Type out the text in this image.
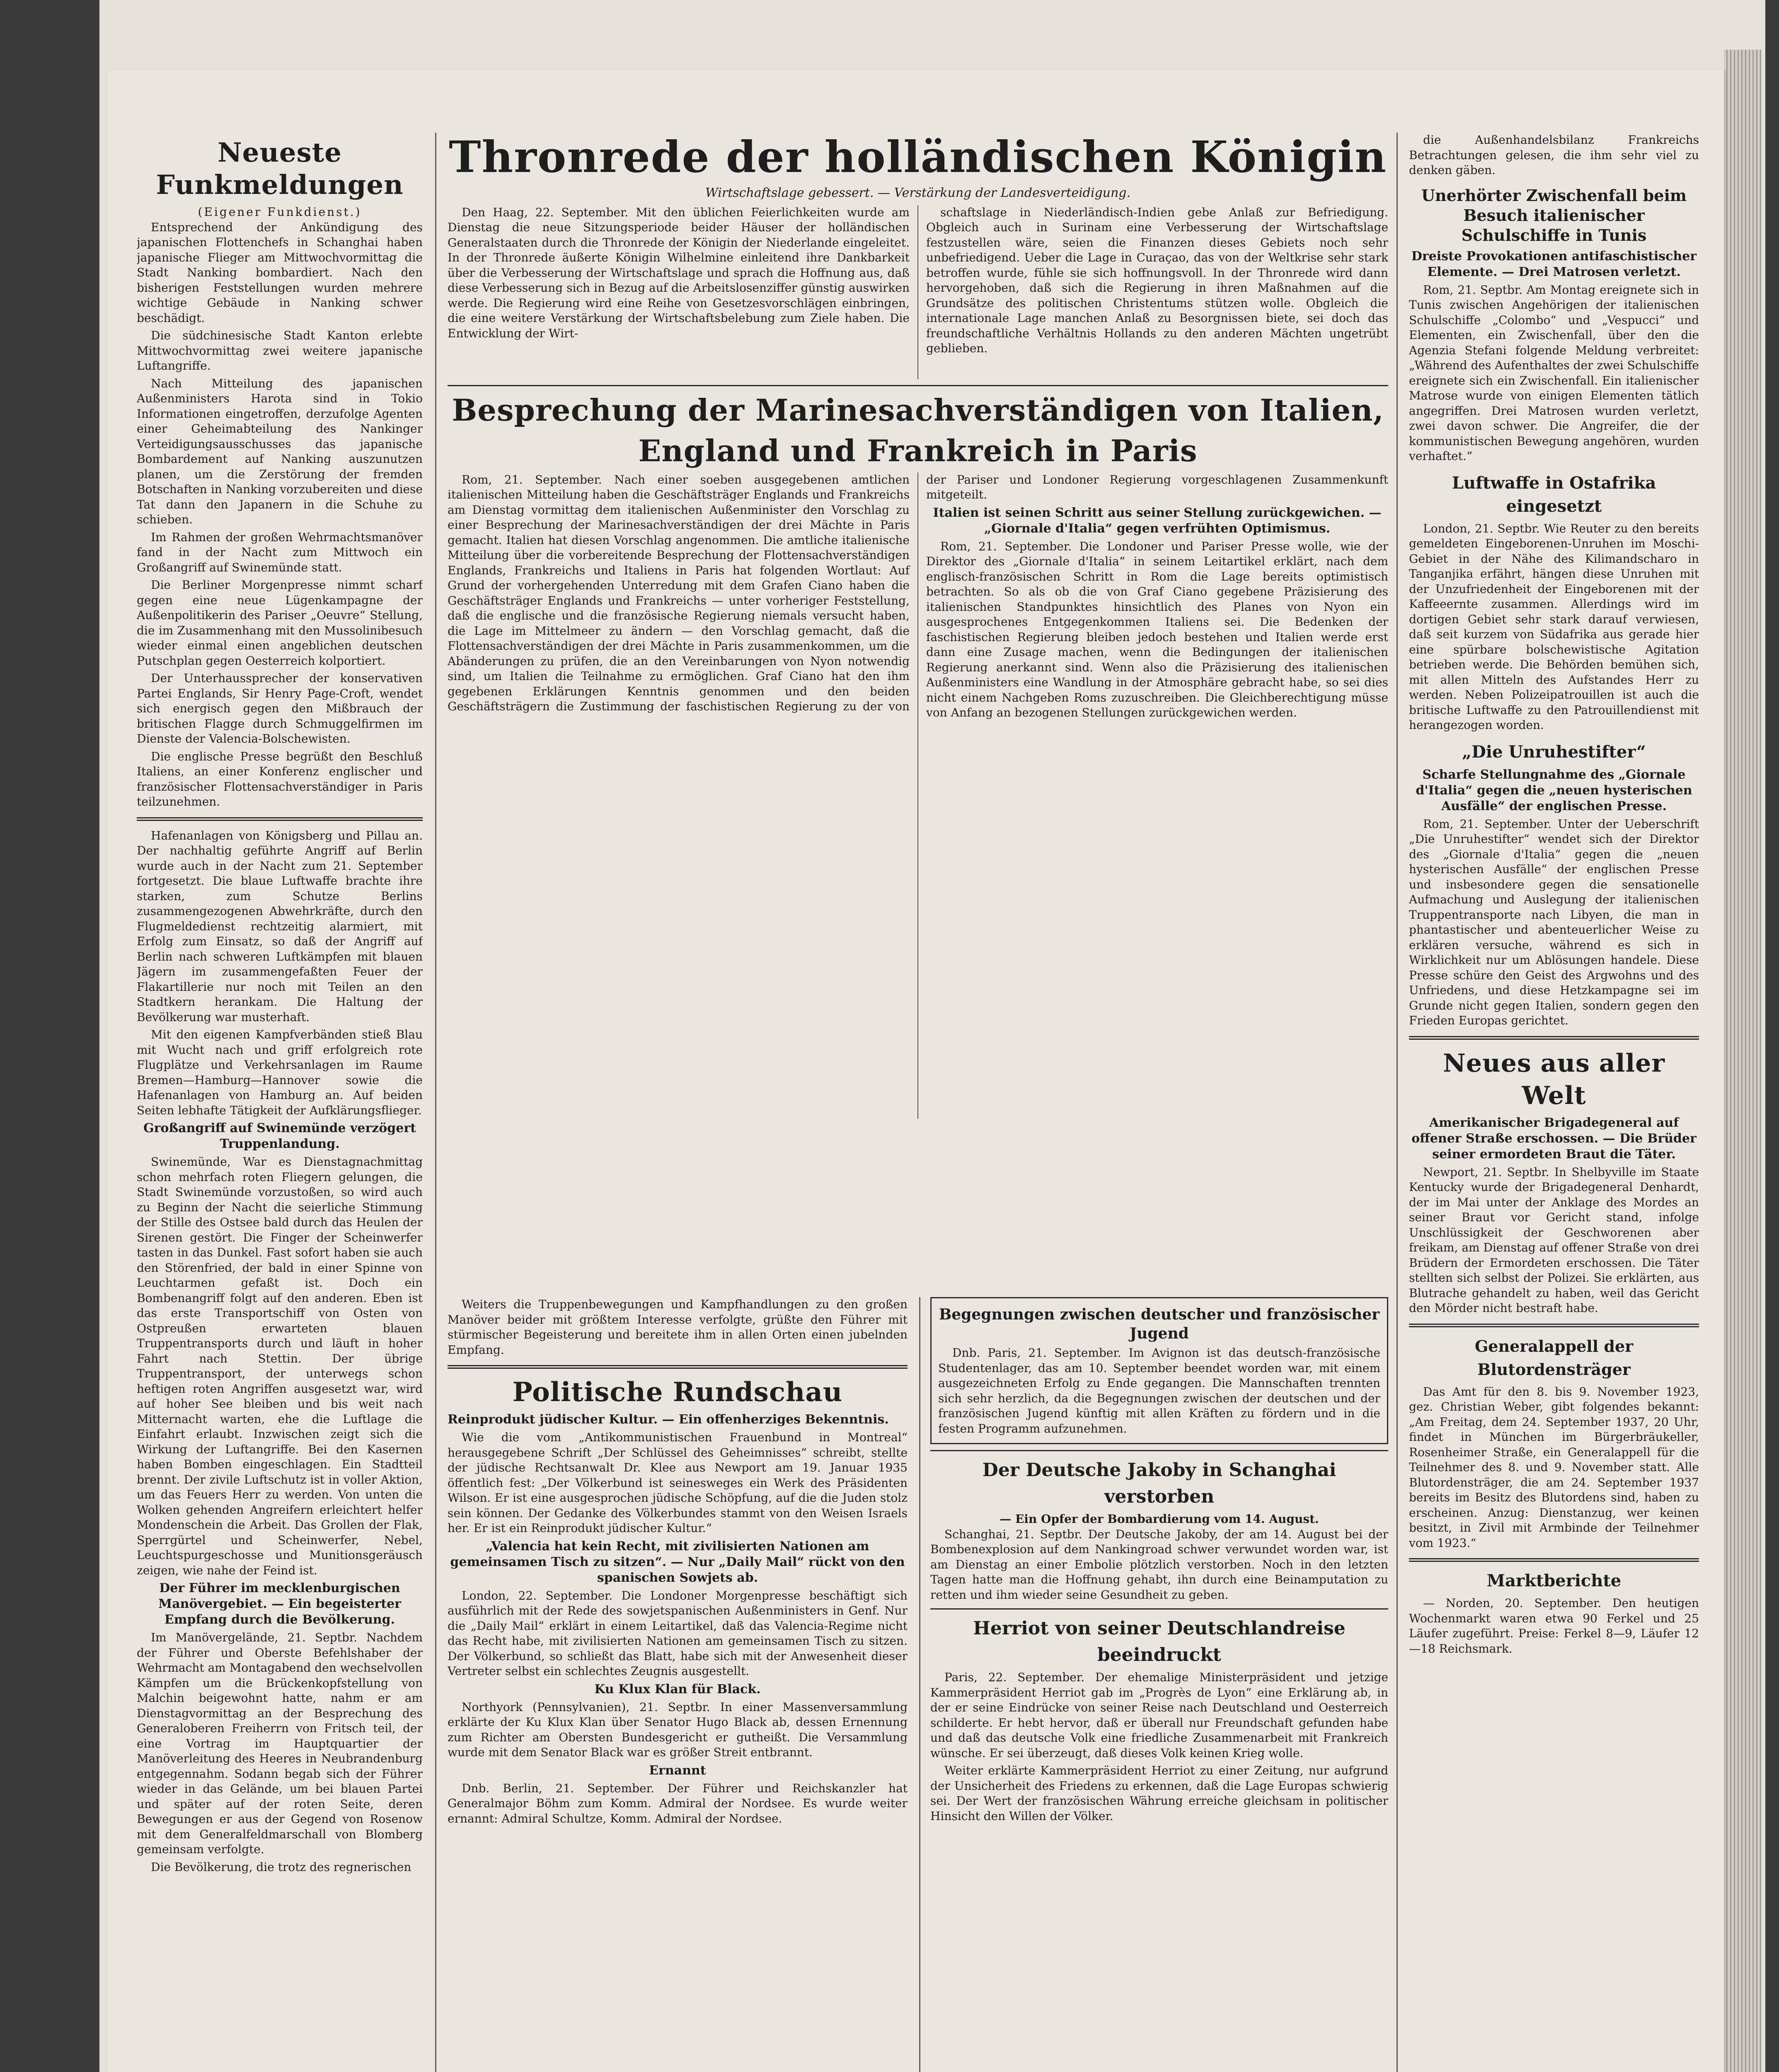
Neueste Funkmeldungen
(Eigener Funkdienst.)

Entsprechend der Ankündigung des japanischen Flottenchefs in Schanghai haben japanische Flieger am Mittwochvormittag die Stadt Nanking bombardiert. Nach den bisherigen Feststellungen wurden mehrere wichtige Gebäude in Nanking schwer beschädigt.

Die südchinesische Stadt Kanton erlebte Mittwochvormittag zwei weitere japanische Luftangriffe.

Nach Mitteilung des japanischen Außenministers Harota sind in Tokio Informationen eingetroffen, derzufolge Agenten einer Geheimabteilung des Nankinger Verteidigungsausschusses das japanische Bombardement auf Nanking auszunutzen planen, um die Zerstörung der fremden Botschaften in Nanking vorzubereiten und diese Tat dann den Japanern in die Schuhe zu schieben.

Im Rahmen der großen Wehrmachtsmanöver fand in der Nacht zum Mittwoch ein Großangriff auf Swinemünde statt.

Die Berliner Morgenpresse nimmt scharf gegen eine neue Lügenkampagne der Außenpolitikerin des Pariser „Oeuvre“ Stellung, die im Zusammenhang mit den Mussolinibesuch wieder einmal einen angeblichen deutschen Putschplan gegen Oesterreich kolportiert.

Der Unterhaussprecher der konservativen Partei Englands, Sir Henry Page-Croft, wendet sich energisch gegen den Mißbrauch der britischen Flagge durch Schmuggelfirmen im Dienste der Valencia-Bolschewisten.

Die englische Presse begrüßt den Beschluß Italiens, an einer Konferenz englischer und französischer Flottensachverständiger in Paris teilzunehmen.

Hafenanlagen von Königsberg und Pillau an. Der nachhaltig geführte Angriff auf Berlin wurde auch in der Nacht zum 21. September fortgesetzt. Die blaue Luftwaffe brachte ihre starken, zum Schutze Berlins zusammengezogenen Abwehrkräfte, durch den Flugmeldedienst rechtzeitig alarmiert, mit Erfolg zum Einsatz, so daß der Angriff auf Berlin nach schweren Luftkämpfen mit blauen Jägern im zusammengefaßten Feuer der Flakartillerie nur noch mit Teilen an den Stadtkern herankam. Die Haltung der Bevölkerung war musterhaft.

Mit den eigenen Kampfverbänden stieß Blau mit Wucht nach und griff erfolgreich rote Flugplätze und Verkehrsanlagen im Raume Bremen—Hamburg—Hannover sowie die Hafenanlagen von Hamburg an. Auf beiden Seiten lebhafte Tätigkeit der Aufklärungsflieger.

Großangriff auf Swinemünde verzögert Truppenlandung.

Swinemünde, War es Dienstagnachmittag schon mehrfach roten Fliegern gelungen, die Stadt Swinemünde vorzustoßen, so wird auch zu Beginn der Nacht die seierliche Stimmung der Stille des Ostsee bald durch das Heulen der Sirenen gestört. Die Finger der Scheinwerfer tasten in das Dunkel. Fast sofort haben sie auch den Störenfried, der bald in einer Spinne von Leuchtarmen gefaßt ist. Doch ein Bombenangriff folgt auf den anderen. Eben ist das erste Transportschiff von Osten von Ostpreußen erwarteten blauen Truppentransports durch und läuft in hoher Fahrt nach Stettin. Der übrige Truppentransport, der unterwegs schon heftigen roten Angriffen ausgesetzt war, wird auf hoher See bleiben und bis weit nach Mitternacht warten, ehe die Luftlage die Einfahrt erlaubt. Inzwischen zeigt sich die Wirkung der Luftangriffe. Bei den Kasernen haben Bomben eingeschlagen. Ein Stadtteil brennt. Der zivile Luftschutz ist in voller Aktion, um das Feuers Herr zu werden. Von unten die Wolken gehenden Angreifern erleichtert helfer Mondenschein die Arbeit. Das Grollen der Flak, Sperrgürtel und Scheinwerfer, Nebel, Leuchtspurgeschosse und Munitionsgeräusch zeigen, wie nahe der Feind ist.

Der Führer im mecklenburgischen Manövergebiet. — Ein begeisterter Empfang durch die Bevölkerung.

Im Manövergelände, 21. Septbr. Nachdem der Führer und Oberste Befehlshaber der Wehrmacht am Montagabend den wechselvollen Kämpfen um die Brückenkopfstellung von Malchin beigewohnt hatte, nahm er am Dienstagvormittag an der Besprechung des Generaloberen Freiherrn von Fritsch teil, der eine Vortrag im Hauptquartier der Manöverleitung des Heeres in Neubrandenburg entgegennahm. Sodann begab sich der Führer wieder in das Gelände, um bei blauen Partei und später auf der roten Seite, deren Bewegungen er aus der Gegend von Rosenow mit dem Generalfeldmarschall von Blomberg gemeinsam verfolgte.

Die Bevölkerung, die trotz des regnerischen

Thronrede der holländischen Königin
Wirtschaftslage gebessert. — Verstärkung der Landesverteidigung.

Den Haag, 22. September. Mit den üblichen Feierlichkeiten wurde am Dienstag die neue Sitzungsperiode beider Häuser der holländischen Generalstaaten durch die Thronrede der Königin der Niederlande eingeleitet. In der Thronrede äußerte Königin Wilhelmine einleitend ihre Dankbarkeit über die Verbesserung der Wirtschaftslage und sprach die Hoffnung aus, daß diese Verbesserung sich in Bezug auf die Arbeitslosenziffer günstig auswirken werde. Die Regierung wird eine Reihe von Gesetzesvorschlägen einbringen, die eine weitere Verstärkung der Wirtschaftsbelebung zum Ziele haben. Die Entwicklung der Wirt-

schaftslage in Niederländisch-Indien gebe Anlaß zur Befriedigung. Obgleich auch in Surinam eine Verbesserung der Wirtschaftslage festzustellen wäre, seien die Finanzen dieses Gebiets noch sehr unbefriedigend. Ueber die Lage in Curaçao, das von der Weltkrise sehr stark betroffen wurde, fühle sie sich hoffnungsvoll. In der Thronrede wird dann hervorgehoben, daß sich die Regierung in ihren Maßnahmen auf die Grundsätze des politischen Christentums stützen wolle. Obgleich die internationale Lage manchen Anlaß zu Besorgnissen biete, sei doch das freundschaftliche Verhältnis Hollands zu den anderen Mächten ungetrübt geblieben.

Besprechung der Marinesachverständigen von Italien,
England und Frankreich in Paris

Rom, 21. September. Nach einer soeben ausgegebenen amtlichen italienischen Mitteilung haben die Geschäftsträger Englands und Frankreichs am Dienstag vormittag dem italienischen Außenminister den Vorschlag zu einer Besprechung der Marinesachverständigen der drei Mächte in Paris gemacht. Italien hat diesen Vorschlag angenommen. Die amtliche italienische Mitteilung über die vorbereitende Besprechung der Flottensachverständigen Englands, Frankreichs und Italiens in Paris hat folgenden Wortlaut: Auf Grund der vorhergehenden Unterredung mit dem Grafen Ciano haben die Geschäftsträger Englands und Frankreichs — unter vorheriger Feststellung, daß die englische und die französische Regierung niemals versucht haben, die Lage im Mittelmeer zu ändern — den Vorschlag gemacht, daß die Flottensachverständigen der drei Mächte in Paris zusammenkommen, um die Abänderungen zu prüfen, die an den Vereinbarungen von Nyon notwendig sind, um Italien die Teilnahme zu ermöglichen. Graf Ciano hat den ihm gegebenen Erklärungen Kenntnis genommen und den beiden Geschäftsträgern die Zustimmung der faschistischen Regierung zu der von der Pariser und Londoner Regierung vorgeschlagenen Zusammenkunft mitgeteilt.

Italien ist seinen Schritt aus seiner Stellung zurückgewichen. — „Giornale d'Italia“ gegen verfrühten Optimismus.

Rom, 21. September. Die Londoner und Pariser Presse wolle, wie der Direktor des „Giornale d'Italia“ in seinem Leitartikel erklärt, nach dem englisch-französischen Schritt in Rom die Lage bereits optimistisch betrachten. So als ob die von Graf Ciano gegebene Präzisierung des italienischen Standpunktes hinsichtlich des Planes von Nyon ein ausgesprochenes Entgegenkommen Italiens sei. Die Bedenken der faschistischen Regierung bleiben jedoch bestehen und Italien werde erst dann eine Zusage machen, wenn die Bedingungen der italienischen Regierung anerkannt sind. Wenn also die Präzisierung des italienischen Außenministers eine Wandlung in der Atmosphäre gebracht habe, so sei dies nicht einem Nachgeben Roms zuzuschreiben. Die Gleichberechtigung müsse von Anfang an bezogenen Stellungen zurückgewichen werden.

Weiters die Truppenbewegungen und Kampfhandlungen zu den großen Manöver beider mit größtem Interesse verfolgte, grüßte den Führer mit stürmischer Begeisterung und bereitete ihm in allen Orten einen jubelnden Empfang.

Politische Rundschau
Reinprodukt jüdischer Kultur. — Ein offenherziges Bekenntnis.

Wie die vom „Antikommunistischen Frauenbund in Montreal“ herausgegebene Schrift „Der Schlüssel des Geheimnisses“ schreibt, stellte der jüdische Rechtsanwalt Dr. Klee aus Newport am 19. Januar 1935 öffentlich fest: „Der Völkerbund ist seinesweges ein Werk des Präsidenten Wilson. Er ist eine ausgesprochen jüdische Schöpfung, auf die die Juden stolz sein können. Der Gedanke des Völkerbundes stammt von den Weisen Israels her. Er ist ein Reinprodukt jüdischer Kultur.“

„Valencia hat kein Recht, mit zivilisierten Nationen am gemeinsamen Tisch zu sitzen“. — Nur „Daily Mail“ rückt von den spanischen Sowjets ab.

London, 22. September. Die Londoner Morgenpresse beschäftigt sich ausführlich mit der Rede des sowjetspanischen Außenministers in Genf. Nur die „Daily Mail“ erklärt in einem Leitartikel, daß das Valencia-Regime nicht das Recht habe, mit zivilisierten Nationen am gemeinsamen Tisch zu sitzen. Der Völkerbund, so schließt das Blatt, habe sich mit der Anwesenheit dieser Vertreter selbst ein schlechtes Zeugnis ausgestellt.

Ku Klux Klan für Black.

Northyork (Pennsylvanien), 21. Septbr. In einer Massenversammlung erklärte der Ku Klux Klan über Senator Hugo Black ab, dessen Ernennung zum Richter am Obersten Bundesgericht er gutheißt. Die Versammlung wurde mit dem Senator Black war es größer Streit entbrannt.

Ernannt

Dnb. Berlin, 21. September. Der Führer und Reichskanzler hat Generalmajor Böhm zum Komm. Admiral der Nordsee. Es wurde weiter ernannt: Admiral Schultze, Komm. Admiral der Nordsee.

Begegnungen zwischen deutscher und französischer Jugend

Dnb. Paris, 21. September. Im Avignon ist das deutsch-französische Studentenlager, das am 10. September beendet worden war, mit einem ausgezeichneten Erfolg zu Ende gegangen. Die Mannschaften trennten sich sehr herzlich, da die Begegnungen zwischen der deutschen und der französischen Jugend künftig mit allen Kräften zu fördern und in die festen Programm aufzunehmen.

Der Deutsche Jakoby in Schanghai
verstorben
— Ein Opfer der Bombardierung vom 14. August.

Schanghai, 21. Septbr. Der Deutsche Jakoby, der am 14. August bei der Bombenexplosion auf dem Nankingroad schwer verwundet worden war, ist am Dienstag an einer Embolie plötzlich verstorben. Noch in den letzten Tagen hatte man die Hoffnung gehabt, ihn durch eine Beinamputation zu retten und ihm wieder seine Gesundheit zu geben.

Herriot von seiner Deutschlandreise
beeindruckt

Paris, 22. September. Der ehemalige Ministerpräsident und jetzige Kammerpräsident Herriot gab im „Progrès de Lyon“ eine Erklärung ab, in der er seine Eindrücke von seiner Reise nach Deutschland und Oesterreich schilderte. Er hebt hervor, daß er überall nur Freundschaft gefunden habe und daß das deutsche Volk eine friedliche Zusammenarbeit mit Frankreich wünsche. Er sei überzeugt, daß dieses Volk keinen Krieg wolle.

Weiter erklärte Kammerpräsident Herriot zu einer Zeitung, nur aufgrund der Unsicherheit des Friedens zu erkennen, daß die Lage Europas schwierig sei. Der Wert der französischen Währung erreiche gleichsam in politischer Hinsicht den Willen der Völker.

die Außenhandelsbilanz Frankreichs Betrachtungen gelesen, die ihm sehr viel zu denken gäben.

Unerhörter Zwischenfall beim Besuch italienischer Schulschiffe in Tunis
Dreiste Provokationen antifaschistischer Elemente. — Drei Matrosen verletzt.

Rom, 21. Septbr. Am Montag ereignete sich in Tunis zwischen Angehörigen der italienischen Schulschiffe „Colombo“ und „Vespucci“ und Elementen, ein Zwischenfall, über den die Agenzia Stefani folgende Meldung verbreitet: „Während des Aufenthaltes der zwei Schulschiffe ereignete sich ein Zwischenfall. Ein italienischer Matrose wurde von einigen Elementen tätlich angegriffen. Drei Matrosen wurden verletzt, zwei davon schwer. Die Angreifer, die der kommunistischen Bewegung angehören, wurden verhaftet.“

Luftwaffe in Ostafrika eingesetzt

London, 21. Septbr. Wie Reuter zu den bereits gemeldeten Eingeborenen-Unruhen im Moschi-Gebiet in der Nähe des Kilimandscharo in Tanganjika erfährt, hängen diese Unruhen mit der Unzufriedenheit der Eingeborenen mit der Kaffeeernte zusammen. Allerdings wird im dortigen Gebiet sehr stark darauf verwiesen, daß seit kurzem von Südafrika aus gerade hier eine spürbare bolschewistische Agitation betrieben werde. Die Behörden bemühen sich, mit allen Mitteln des Aufstandes Herr zu werden. Neben Polizeipatrouillen ist auch die britische Luftwaffe zu den Patrouillendienst mit herangezogen worden.

„Die Unruhestifter“
Scharfe Stellungnahme des „Giornale d'Italia“ gegen die „neuen hysterischen Ausfälle“ der englischen Presse.

Rom, 21. September. Unter der Ueberschrift „Die Unruhestifter“ wendet sich der Direktor des „Giornale d'Italia“ gegen die „neuen hysterischen Ausfälle“ der englischen Presse und insbesondere gegen die sensationelle Aufmachung und Auslegung der italienischen Truppentransporte nach Libyen, die man in phantastischer und abenteuerlicher Weise zu erklären versuche, während es sich in Wirklichkeit nur um Ablösungen handele. Diese Presse schüre den Geist des Argwohns und des Unfriedens, und diese Hetzkampagne sei im Grunde nicht gegen Italien, sondern gegen den Frieden Europas gerichtet.

Neues aus aller Welt
Amerikanischer Brigadegeneral auf offener Straße erschossen. — Die Brüder seiner ermordeten Braut die Täter.

Newport, 21. Septbr. In Shelbyville im Staate Kentucky wurde der Brigadegeneral Denhardt, der im Mai unter der Anklage des Mordes an seiner Braut vor Gericht stand, infolge Unschlüssigkeit der Geschworenen aber freikam, am Dienstag auf offener Straße von drei Brüdern der Ermordeten erschossen. Die Täter stellten sich selbst der Polizei. Sie erklärten, aus Blutrache gehandelt zu haben, weil das Gericht den Mörder nicht bestraft habe.

Generalappell der Blutordensträger

Das Amt für den 8. bis 9. November 1923, gez. Christian Weber, gibt folgendes bekannt: „Am Freitag, dem 24. September 1937, 20 Uhr, findet in München im Bürgerbräukeller, Rosenheimer Straße, ein Generalappell für die Teilnehmer des 8. und 9. November statt. Alle Blutordensträger, die am 24. September 1937 bereits im Besitz des Blutordens sind, haben zu erscheinen. Anzug: Dienstanzug, wer keinen besitzt, in Zivil mit Armbinde der Teilnehmer vom 1923.“

Marktberichte

— Norden, 20. September. Den heutigen Wochenmarkt waren etwa 90 Ferkel und 25 Läufer zugeführt. Preise: Ferkel 8—9, Läufer 12—18 Reichsmark.
